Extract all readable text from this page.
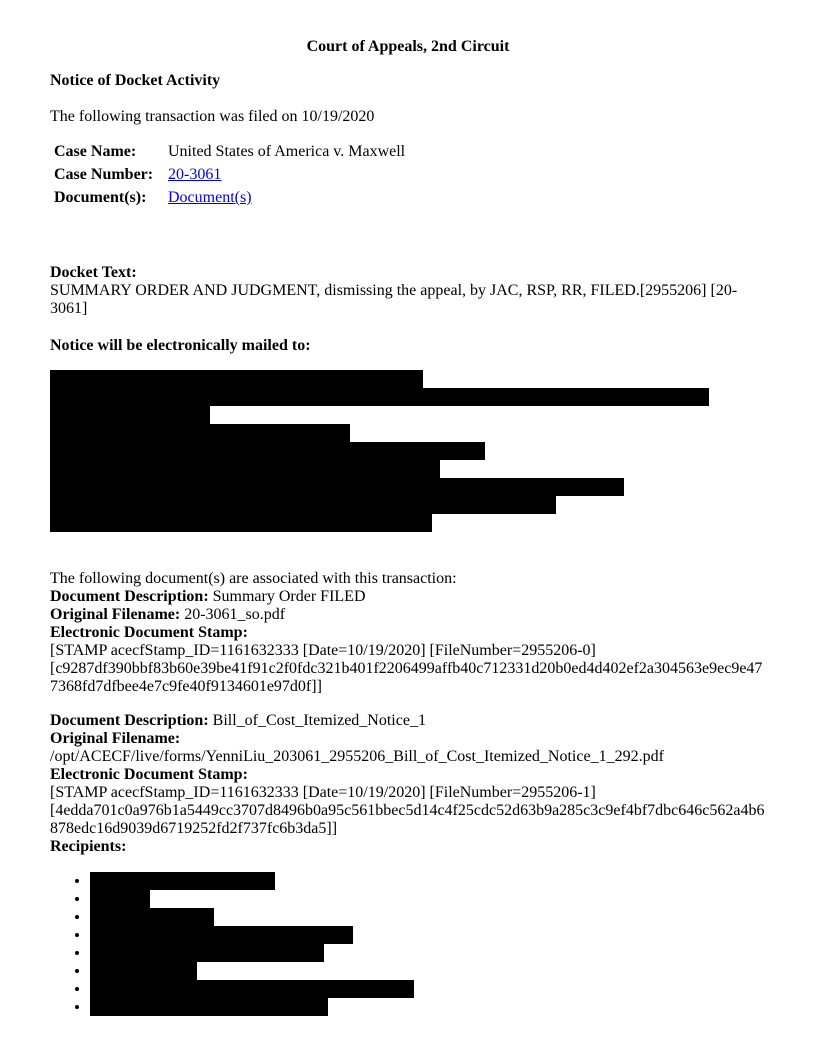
Court of Appeals, 2nd Circuit
Notice of Docket Activity
The following transaction was filed on 10/19/2020
Case Name:	United States of America v. Maxwell
Case Number:	20-3061
Document(s):	Document(s)
Docket Text:
SUMMARY ORDER AND JUDGMENT, dismissing the appeal, by JAC, RSP, RR, FILED.[2955206] [20-3061]
Notice will be electronically mailed to:
The following document(s) are associated with this transaction:
Document Description: Summary Order FILED
Original Filename: 20-3061_so.pdf
Electronic Document Stamp:
[STAMP acecfStamp_ID=1161632333 [Date=10/19/2020] [FileNumber=2955206-0]
[c9287df390bbf83b60e39be41f91c2f0fdc321b401f2206499affb40c712331d20b0ed4d402ef2a304563e9ec9e47 7368fd7dfbee4e7c9fe40f9134601e97d0f]]
Document Description: Bill_of_Cost_Itemized_Notice_1
Original Filename:
/opt/ACECF/live/forms/YenniLiu_203061_2955206_Bill_of_Cost_Itemized_Notice_1_292.pdf
Electronic Document Stamp:
[STAMP acecfStamp_ID=1161632333 [Date=10/19/2020] [FileNumber=2955206-1]
[4edda701c0a976b1a5449cc3707d8496b0a95c561bbec5d14c4f25cdc52d63b9a285c3c9ef4bf7dbc646c562a4b6 878edc16d9039d6719252fd2f737fc6b3da5]]
Recipients:
